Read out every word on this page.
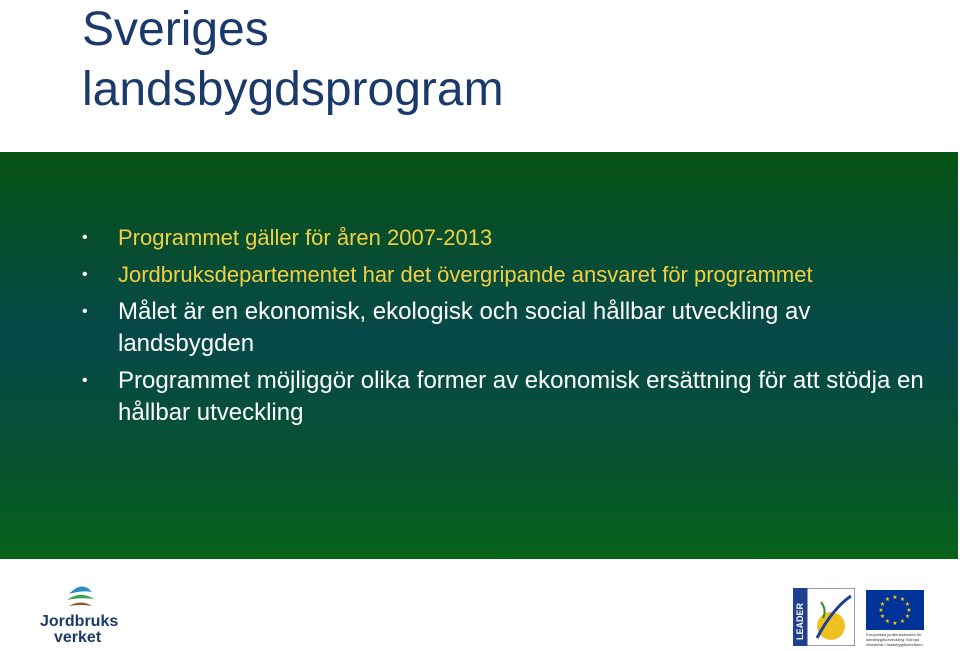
Sveriges
landsbygdsprogram
• Programmet gäller för åren 2007-2013
• Jordbruksdepartementet har det övergripande ansvaret för programmet
• Målet är en ekonomisk, ekologisk och social hållbar utveckling av landsbygden
• Programmet möjliggör olika former av ekonomisk ersättning för att stödja en hållbar utveckling
Jordbruks
verket	LEADER
★ ★
★
★
★
★
★
★
★
★
★
★
Europeiska jordbruksfonden för landsbygdsutveckling: Europa investerar i landsbygdsområden
